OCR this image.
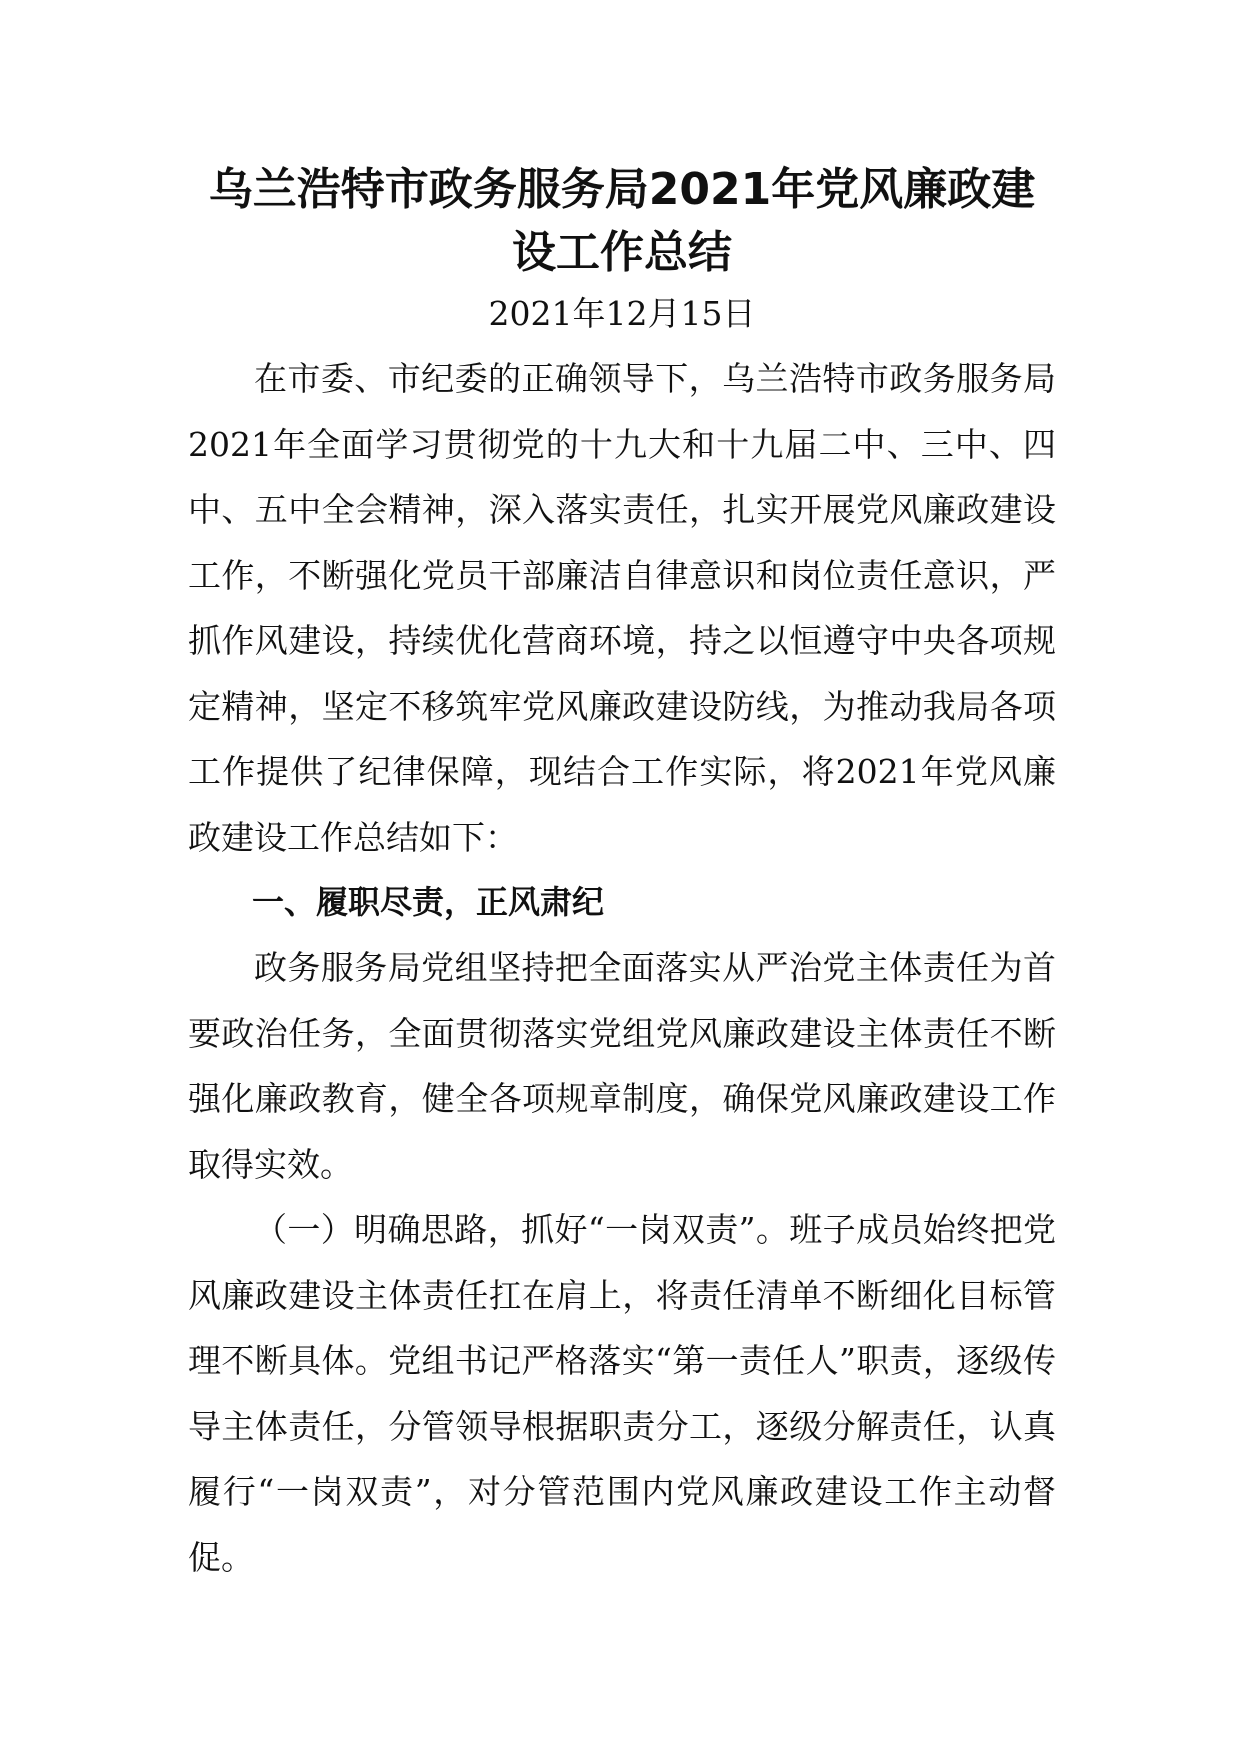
乌兰浩特市政务服务局2021年党风廉政建设工作总结

2021年12月15日

在市委、市纪委的正确领导下，乌兰浩特市政务服务局2021年全面学习贯彻党的十九大和十九届二中、三中、四中、五中全会精神，深入落实责任，扎实开展党风廉政建设工作，不断强化党员干部廉洁自律意识和岗位责任意识，严抓作风建设，持续优化营商环境，持之以恒遵守中央各项规定精神，坚定不移筑牢党风廉政建设防线，为推动我局各项工作提供了纪律保障，现结合工作实际，将2021年党风廉政建设工作总结如下：

一、履职尽责，正风肃纪

政务服务局党组坚持把全面落实从严治党主体责任为首要政治任务，全面贯彻落实党组党风廉政建设主体责任不断强化廉政教育，健全各项规章制度，确保党风廉政建设工作取得实效。

（一）明确思路，抓好“一岗双责”。班子成员始终把党风廉政建设主体责任扛在肩上，将责任清单不断细化目标管理不断具体。党组书记严格落实“第一责任人”职责，逐级传导主体责任，分管领导根据职责分工，逐级分解责任，认真履行“一岗双责”，对分管范围内党风廉政建设工作主动督促。
